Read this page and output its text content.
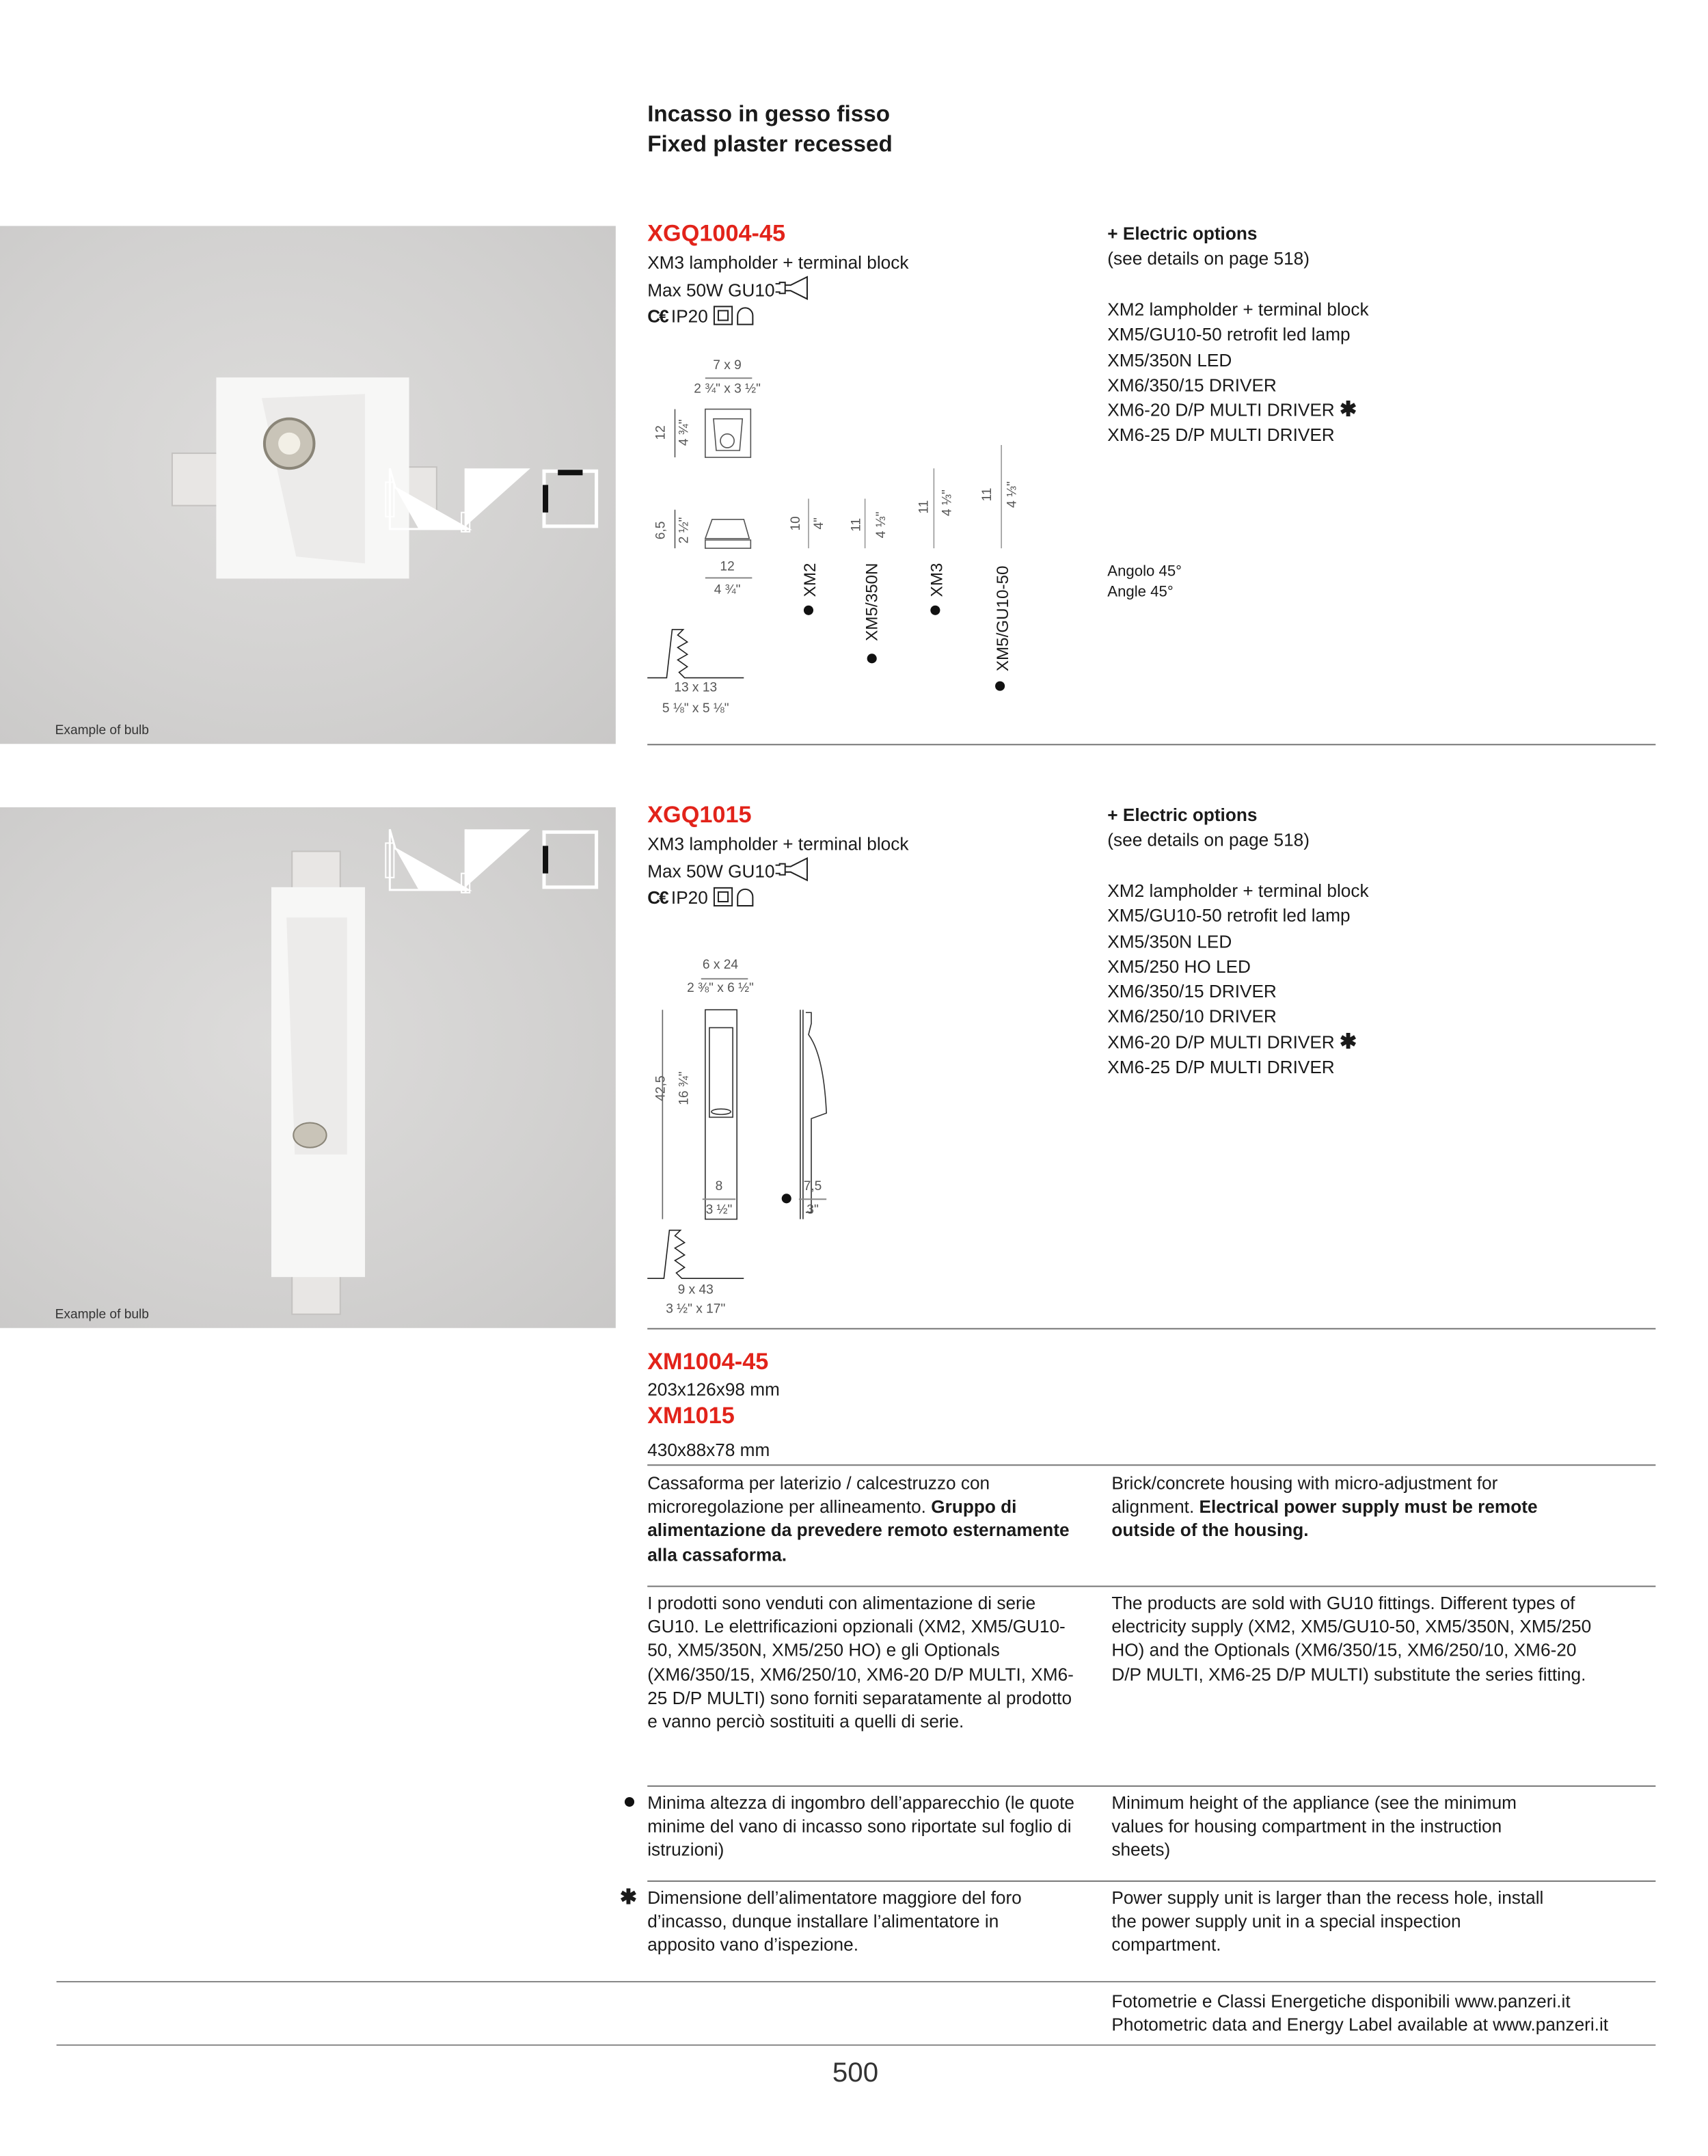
Incasso in gesso fisso
Fixed plaster recessed
Example of bulb
XGQ1004-45
XM3 lampholder + terminal block
Max 50W GU10
C€ IP20

7 x 9
2 ¾" x 3 ½"
12 4 ¾"
6,5 2 ½"
12
4 ¾"
10 4"	11 4 ⅓"
11 4 ⅓"	11 4 ⅓"
XM2	XM5/350N	XM3	XM5/GU10-50
13 x 13
5 ⅛" x 5 ⅛"
+ Electric options
(see details on page 518)
XM2 lampholder + terminal block
XM5/GU10-50 retrofit led lamp
XM5/350N LED
XM6/350/15 DRIVER
XM6-20 D/P MULTI DRIVER ✱
XM6-25 D/P MULTI DRIVER
Angolo 45°
Angle 45°
Example of bulb
XGQ1015
XM3 lampholder + terminal block
Max 50W GU10
C€ IP20

6 x 24
2 ⅜" x 6 ½"
42,5 16 ¾"
8
3 ½"
7,5
3"
9 x 43
3 ½" x 17"
+ Electric options
(see details on page 518)
XM2 lampholder + terminal block
XM5/GU10-50 retrofit led lamp
XM5/350N LED
XM5/250 HO LED
XM6/350/15 DRIVER
XM6/250/10 DRIVER
XM6-20 D/P MULTI DRIVER ✱
XM6-25 D/P MULTI DRIVER
XM1004-45
203x126x98 mm
XM1015
430x88x78 mm
Cassaforma per laterizio / calcestruzzo con microregolazione per allineamento. Gruppo di alimentazione da prevedere remoto esternamente alla cassaforma.
Brick/concrete housing with micro-adjustment for alignment. Electrical power supply must be remote outside of the housing.
I prodotti sono venduti con alimentazione di serie GU10. Le elettrificazioni opzionali (XM2, XM5/GU10-50, XM5/350N, XM5/250 HO) e gli Optionals (XM6/350/15, XM6/250/10, XM6-20 D/P MULTI, XM6-25 D/P MULTI) sono forniti separatamente al prodotto e vanno perciò sostituiti a quelli di serie.
The products are sold with GU10 fittings. Different types of electricity supply (XM2, XM5/GU10-50, XM5/350N, XM5/250 HO) and the Optionals (XM6/350/15, XM6/250/10, XM6-20 D/P MULTI, XM6-25 D/P MULTI) substitute the series fitting.
Minima altezza di ingombro dell’apparecchio (le quote minime del vano di incasso sono riportate sul foglio di istruzioni)
Minimum height of the appliance (see the minimum values for housing compartment in the instruction sheets)
✱ Dimensione dell’alimentatore maggiore del foro d’incasso, dunque installare l’alimentatore in apposito vano d’ispezione.
Power supply unit is larger than the recess hole, install the power supply unit in a special inspection compartment.
Fotometrie e Classi Energetiche disponibili www.panzeri.it
Photometric data and Energy Label available at www.panzeri.it
500
